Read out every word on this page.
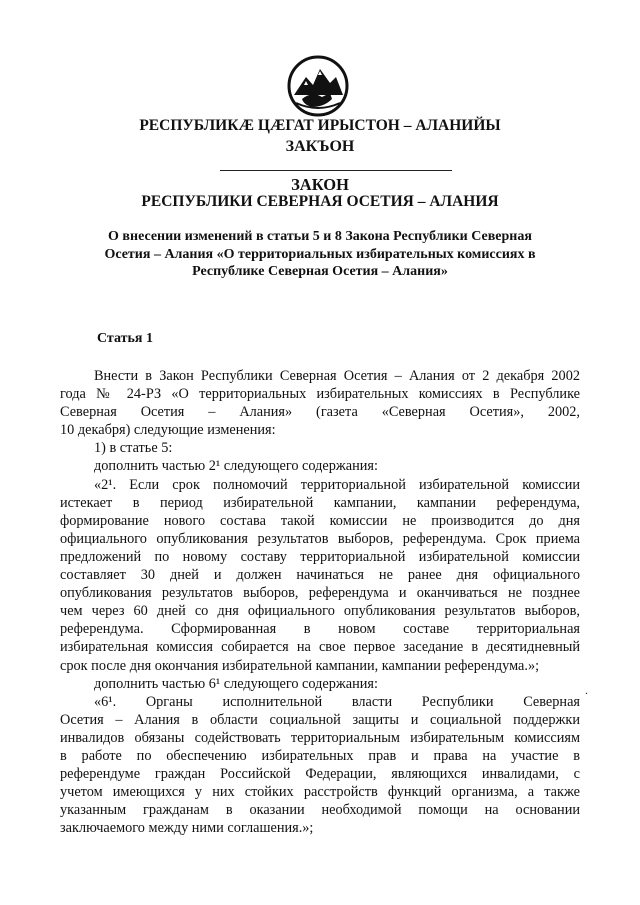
РЕСПУБЛИКӔ ЦӔГАТ ИРЫСТОН – АЛАНИЙЫ
ЗАКЪОН
ЗАКОН
РЕСПУБЛИКИ СЕВЕРНАЯ ОСЕТИЯ – АЛАНИЯ
О внесении изменений в статьи 5 и 8 Закона Республики Северная
Осетия – Алания «О территориальных избирательных комиссиях в
Республике Северная Осетия – Алания»
Статья 1

Внести в Закон Республики Северная Осетия – Алания от 2 декабря 2002

года № 24-РЗ «О территориальных избирательных комиссиях в Республике

Северная Осетия – Алания» (газета «Северная Осетия», 2002,

10 декабря) следующие изменения:

1) в статье 5:

дополнить частью 2¹ следующего содержания:

«2¹. Если срок полномочий территориальной избирательной комиссии

истекает в период избирательной кампании, кампании референдума,

формирование нового состава такой комиссии не производится до дня

официального опубликования результатов выборов, референдума. Срок приема

предложений по новому составу территориальной избирательной комиссии

составляет 30 дней и должен начинаться не ранее дня официального

опубликования результатов выборов, референдума и оканчиваться не позднее

чем через 60 дней со дня официального опубликования результатов выборов,

референдума. Сформированная в новом составе территориальная

избирательная комиссия собирается на свое первое заседание в десятидневный

срок после дня окончания избирательной кампании, кампании референдума.»;

дополнить частью 6¹ следующего содержания:

«6¹. Органы исполнительной власти Республики Северная

Осетия – Алания в области социальной защиты и социальной поддержки

инвалидов обязаны содействовать территориальным избирательным комиссиям

в работе по обеспечению избирательных прав и права на участие в

референдуме граждан Российской Федерации, являющихся инвалидами, с

учетом имеющихся у них стойких расстройств функций организма, а также

указанным гражданам в оказании необходимой помощи на основании

заключаемого между ними соглашения.»;

.
